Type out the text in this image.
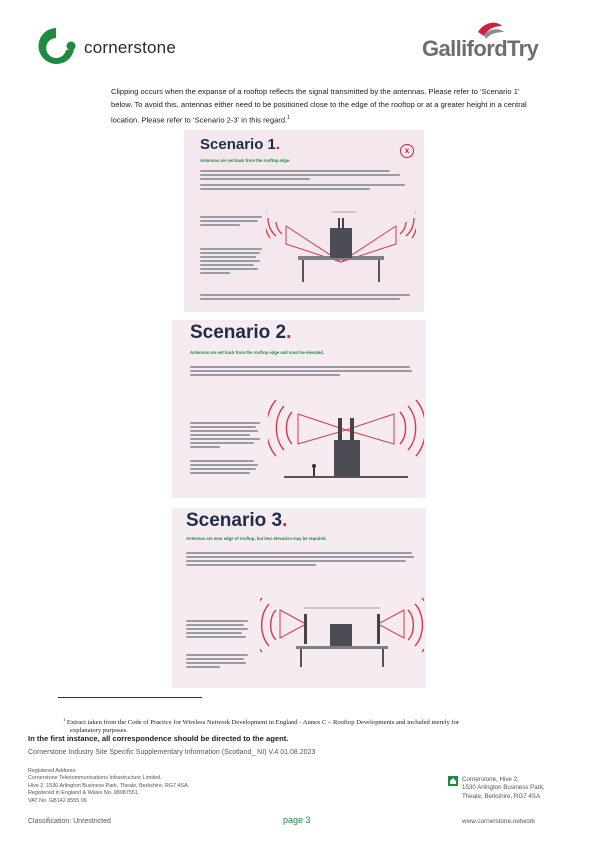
cornerstone	GallifordTry
Clipping occurs when the expanse of a rooftop reflects the signal transmitted by the antennas. Please refer to ‘Scenario 1’ below. To avoid this, antennas either need to be positioned close to the edge of the rooftop or at a greater height in a central location. Please refer to ‘Scenario 2-3’ in this regard.$^1$
Scenario 1.	x
Antennas are set back from the rooftop edge.
Scenario 2.
Antennas are set back from the rooftop edge and must be elevated.
Scenario 3.
Antennas are near edge of rooftop, but less elevation may be required.
$^1$ Extract taken from the Code of Practice for Wireless Network Development in England - Annex C – Rooftop Developments and included merely for
explanatory purposes.
In the first instance, all correspondence should be directed to the agent.
Cornerstone Industry Site Specific Supplementary Information (Scotland_ NI) V.4 01.08.2023
Registered Address:
Cornerstone Telecommunications Infrastructure Limited.
Hive 2, 1530 Arlington Business Park, Theale, Berkshire, RG7 4SA.
Registered in England & Wales No. 08087551.
VAT No. GB142 8555 06
Cornerstone, Hive 2,
1530 Arlington Business Park,
Theale, Berkshire, RG7 4SA
Classification: Unrestricted	page 3	www.cornerstone.network
